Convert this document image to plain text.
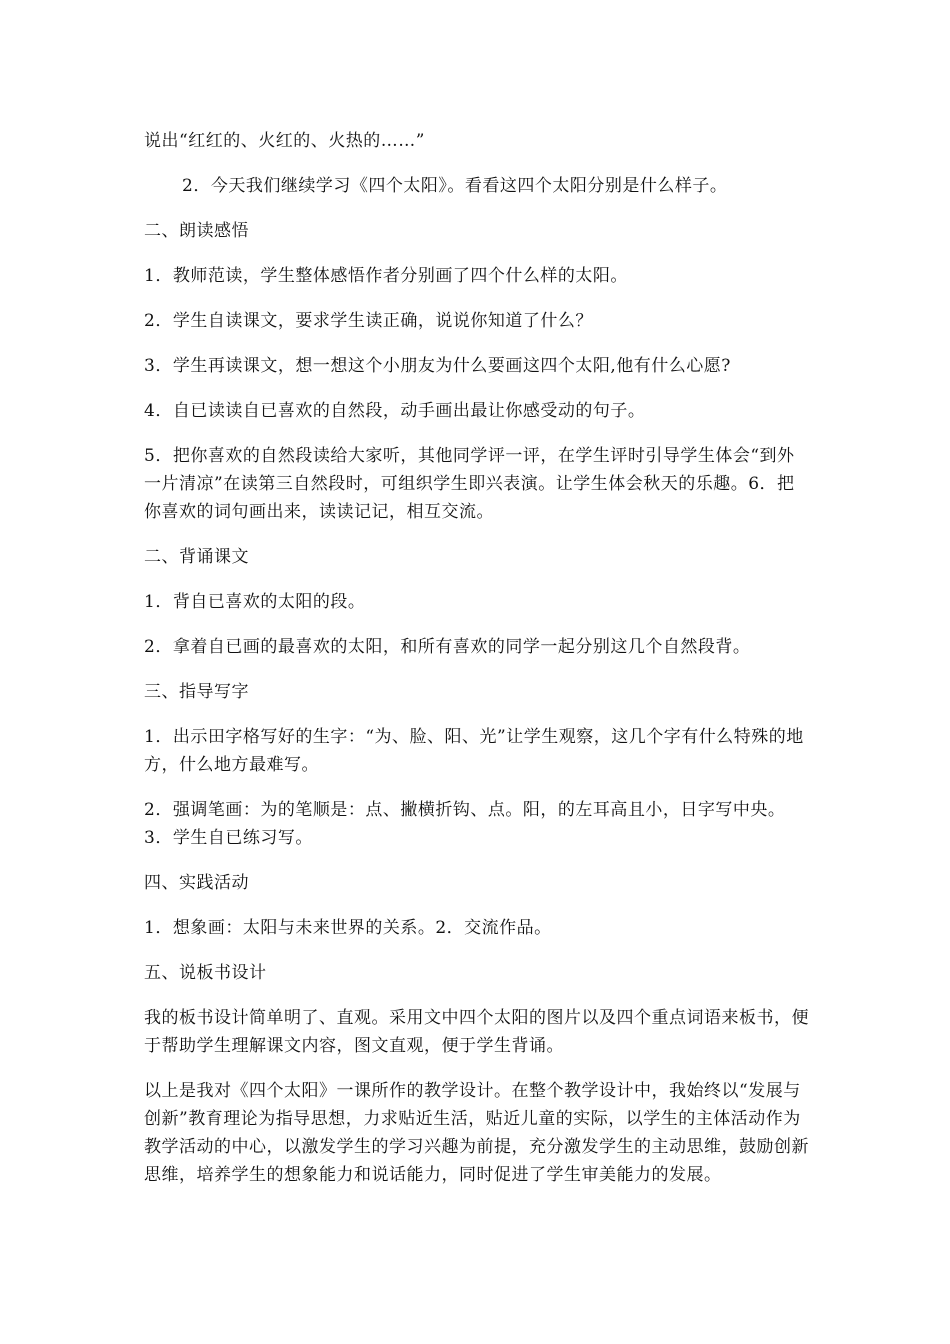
说出“红红的、火红的、火热的……”

2．今天我们继续学习《四个太阳》。看看这四个太阳分别是什么样子。

二、朗读感悟

1．教师范读，学生整体感悟作者分别画了四个什么样的太阳。

2．学生自读课文，要求学生读正确，说说你知道了什么？

3．学生再读课文，想一想这个小朋友为什么要画这四个太阳,他有什么心愿?

4．自已读读自已喜欢的自然段，动手画出最让你感受动的句子。

5．把你喜欢的自然段读给大家听，其他同学评一评，在学生评时引导学生体会“到外一片清凉”在读第三自然段时，可组织学生即兴表演。让学生体会秋天的乐趣。6．把你喜欢的词句画出来，读读记记，相互交流。

二、背诵课文

1．背自已喜欢的太阳的段。

2．拿着自已画的最喜欢的太阳，和所有喜欢的同学一起分别这几个自然段背。

三、指导写字

1．出示田字格写好的生字：“为、脸、阳、光”让学生观察，这几个字有什么特殊的地方，什么地方最难写。

2．强调笔画：为的笔顺是：点、撇横折钩、点。阳，的左耳高且小，日字写中央。3．学生自已练习写。

四、实践活动

1．想象画：太阳与未来世界的关系。2．交流作品。

五、说板书设计

我的板书设计简单明了、直观。采用文中四个太阳的图片以及四个重点词语来板书，便于帮助学生理解课文内容，图文直观，便于学生背诵。

以上是我对《四个太阳》一课所作的教学设计。在整个教学设计中，我始终以“发展与创新”教育理论为指导思想，力求贴近生活，贴近儿童的实际，以学生的主体活动作为教学活动的中心，以激发学生的学习兴趣为前提，充分激发学生的主动思维，鼓励创新思维，培养学生的想象能力和说话能力，同时促进了学生审美能力的发展。
